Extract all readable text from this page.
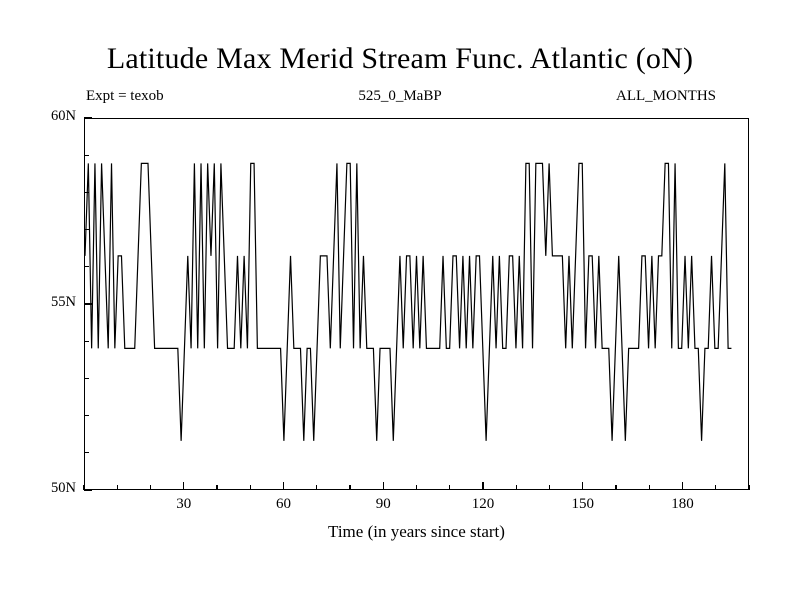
Latitude Max Merid Stream Func. Atlantic (oN)
Expt = texob	525_0_MaBP	ALL_MONTHS
50N
55N
60N
30	60	90	120	150	180
Time (in years since start)
